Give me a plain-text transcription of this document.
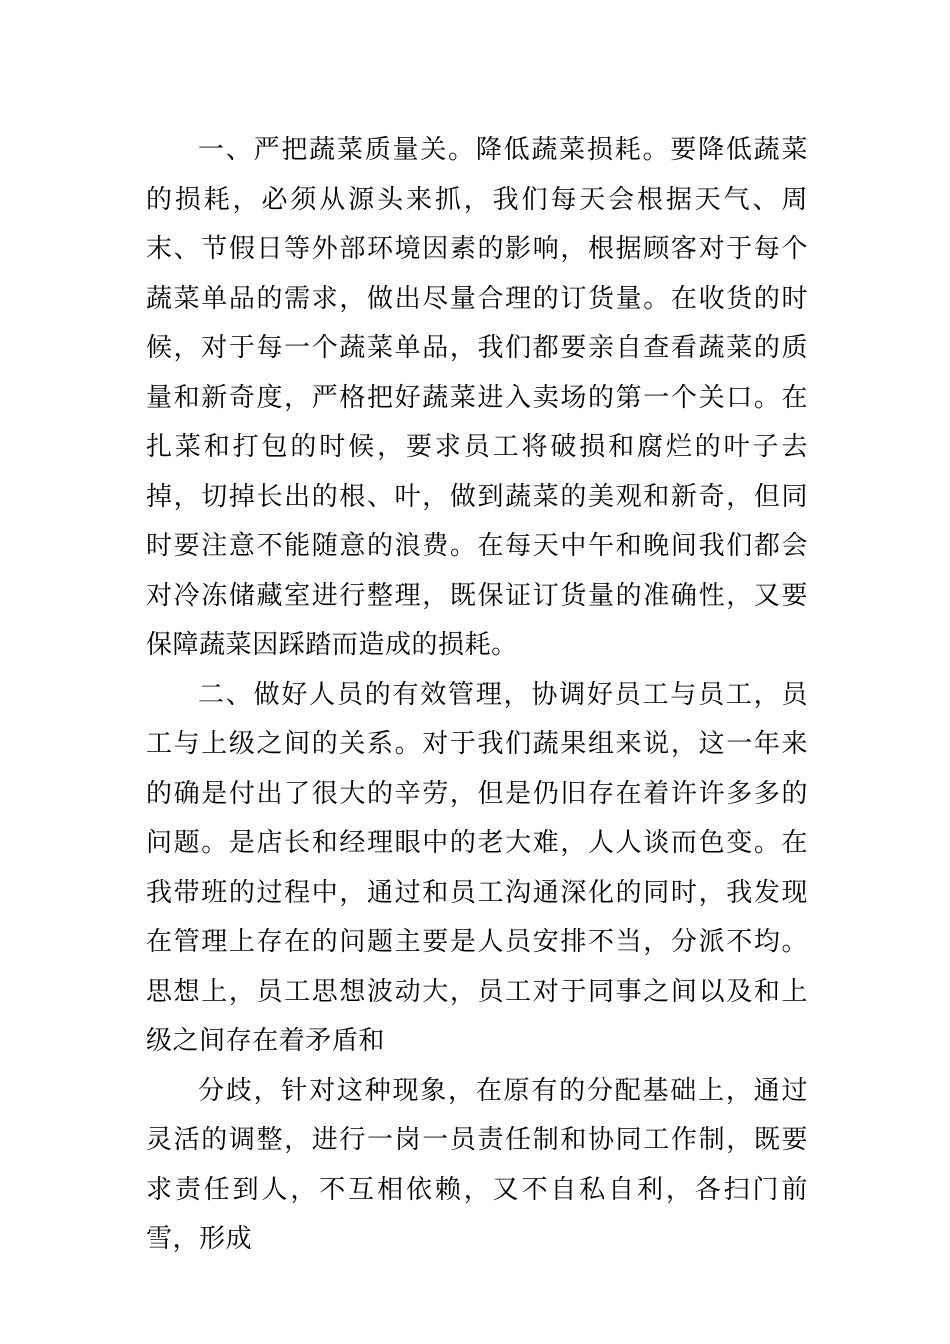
一、严把蔬菜质量关。降低蔬菜损耗。要降低蔬菜的损耗，必须从源头来抓，我们每天会根据天气、周末、节假日等外部环境因素的影响，根据顾客对于每个蔬菜单品的需求，做出尽量合理的订货量。在收货的时候，对于每一个蔬菜单品，我们都要亲自查看蔬菜的质量和新奇度，严格把好蔬菜进入卖场的第一个关口。在扎菜和打包的时候，要求员工将破损和腐烂的叶子去掉，切掉长出的根、叶，做到蔬菜的美观和新奇，但同时要注意不能随意的浪费。在每天中午和晚间我们都会对冷冻储藏室进行整理，既保证订货量的准确性，又要保障蔬菜因踩踏而造成的损耗。

二、做好人员的有效管理，协调好员工与员工，员工与上级之间的关系。对于我们蔬果组来说，这一年来的确是付出了很大的辛劳，但是仍旧存在着许许多多的问题。是店长和经理眼中的老大难，人人谈而色变。在我带班的过程中，通过和员工沟通深化的同时，我发现在管理上存在的问题主要是人员安排不当，分派不均。思想上，员工思想波动大，员工对于同事之间以及和上级之间存在着矛盾和

分歧，针对这种现象，在原有的分配基础上，通过灵活的调整，进行一岗一员责任制和协同工作制，既要求责任到人，不互相依赖，又不自私自利，各扫门前雪，形成
